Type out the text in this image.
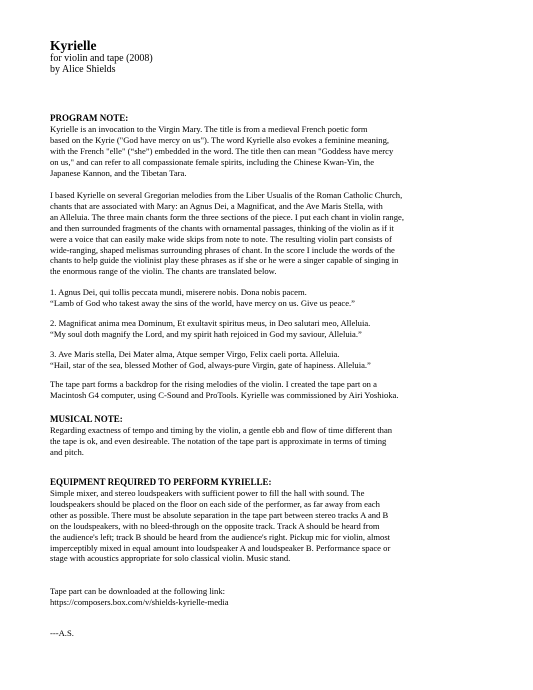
Kyrielle
for violin and tape (2008)
by Alice Shields
PROGRAM NOTE:
Kyrielle is an invocation to the Virgin Mary. The title is from a medieval French poetic form
based on the Kyrie ("God have mercy on us"). The word Kyrielle also evokes a feminine meaning,
with the French "elle" (“she”) embedded in the word. The title then can mean "Goddess have mercy
on us," and can refer to all compassionate female spirits, including the Chinese Kwan-Yin, the
Japanese Kannon, and the Tibetan Tara.
I based Kyrielle on several Gregorian melodies from the Liber Usualis of the Roman Catholic Church,
chants that are associated with Mary: an Agnus Dei, a Magnificat, and the Ave Maris Stella, with
an Alleluia. The three main chants form the three sections of the piece. I put each chant in violin range,
and then surrounded fragments of the chants with ornamental passages, thinking of the violin as if it
were a voice that can easily make wide skips from note to note. The resulting violin part consists of
wide-ranging, shaped melismas surrounding phrases of chant. In the score I include the words of the
chants to help guide the violinist play these phrases as if she or he were a singer capable of singing in
the enormous range of the violin. The chants are translated below.
1. Agnus Dei, qui tollis peccata mundi, miserere nobis. Dona nobis pacem.
“Lamb of God who takest away the sins of the world, have mercy on us. Give us peace.”
2. Magnificat anima mea Dominum, Et exultavit spiritus meus, in Deo salutari meo, Alleluia.
“My soul doth magnify the Lord, and my spirit hath rejoiced in God my saviour, Alleluia.”
3. Ave Maris stella, Dei Mater alma, Atque semper Virgo, Felix caeli porta. Alleluia.
“Hail, star of the sea, blessed Mother of God, always-pure Virgin, gate of hapiness. Alleluia.”
The tape part forms a backdrop for the rising melodies of the violin. I created the tape part on a
Macintosh G4 computer, using C-Sound and ProTools. Kyrielle was commissioned by Airi Yoshioka.
MUSICAL NOTE:
Regarding exactness of tempo and timing by the violin, a gentle ebb and flow of time different than
the tape is ok, and even desireable. The notation of the tape part is approximate in terms of timing
and pitch.
EQUIPMENT REQUIRED TO PERFORM KYRIELLE:
Simple mixer, and stereo loudspeakers with sufficient power to fill the hall with sound. The
loudspeakers should be placed on the floor on each side of the performer, as far away from each
other as possible. There must be absolute separation in the tape part between stereo tracks A and B
on the loudspeakers, with no bleed-through on the opposite track. Track A should be heard from
the audience's left; track B should be heard from the audience's right. Pickup mic for violin, almost
imperceptibly mixed in equal amount into loudspeaker A and loudspeaker B. Performance space or
stage with acoustics appropriate for solo classical violin. Music stand.
Tape part can be downloaded at the following link:
https://composers.box.com/v/shields-kyrielle-media
---A.S.
